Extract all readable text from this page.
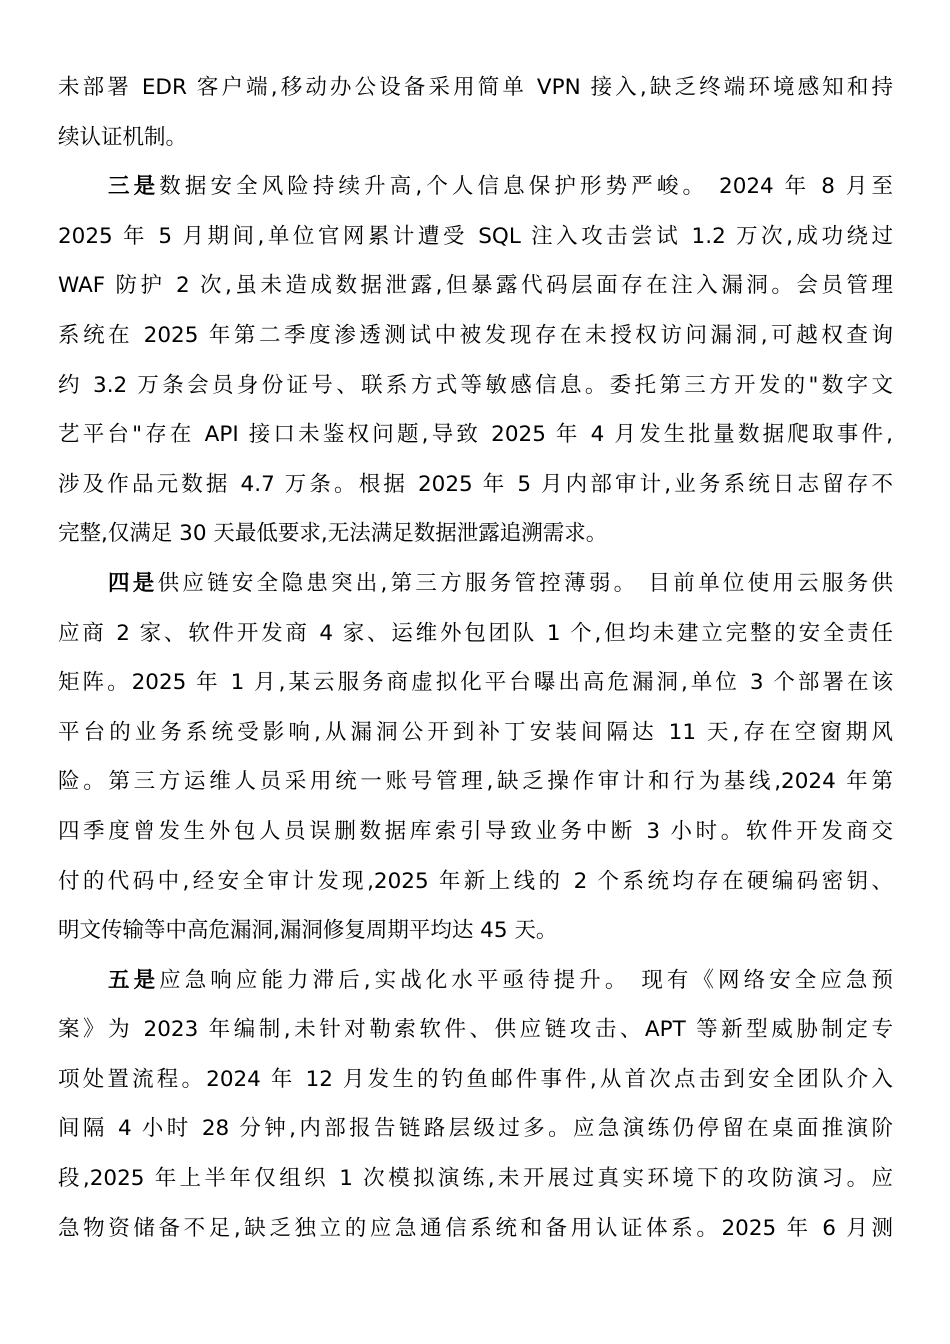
未部署 EDR 客户端,移动办公设备采用简单 VPN 接入,缺乏终端环境感知和持
续认证机制。
三是数据安全风险持续升高,个人信息保护形势严峻。 2024 年 8 月至
2025 年 5 月期间,单位官网累计遭受 SQL 注入攻击尝试 1.2 万次,成功绕过
WAF 防护 2 次,虽未造成数据泄露,但暴露代码层面存在注入漏洞。会员管理
系统在 2025 年第二季度渗透测试中被发现存在未授权访问漏洞,可越权查询
约 3.2 万条会员身份证号、联系方式等敏感信息。委托第三方开发的"数字文
艺平台"存在 API 接口未鉴权问题,导致 2025 年 4 月发生批量数据爬取事件,
涉及作品元数据 4.7 万条。根据 2025 年 5 月内部审计,业务系统日志留存不
完整,仅满足 30 天最低要求,无法满足数据泄露追溯需求。
四是供应链安全隐患突出,第三方服务管控薄弱。 目前单位使用云服务供
应商 2 家、软件开发商 4 家、运维外包团队 1 个,但均未建立完整的安全责任
矩阵。2025 年 1 月,某云服务商虚拟化平台曝出高危漏洞,单位 3 个部署在该
平台的业务系统受影响,从漏洞公开到补丁安装间隔达 11 天,存在空窗期风
险。第三方运维人员采用统一账号管理,缺乏操作审计和行为基线,2024 年第
四季度曾发生外包人员误删数据库索引导致业务中断 3 小时。软件开发商交
付的代码中,经安全审计发现,2025 年新上线的 2 个系统均存在硬编码密钥、
明文传输等中高危漏洞,漏洞修复周期平均达 45 天。
五是应急响应能力滞后,实战化水平亟待提升。 现有《网络安全应急预
案》为 2023 年编制,未针对勒索软件、供应链攻击、APT 等新型威胁制定专
项处置流程。2024 年 12 月发生的钓鱼邮件事件,从首次点击到安全团队介入
间隔 4 小时 28 分钟,内部报告链路层级过多。应急演练仍停留在桌面推演阶
段,2025 年上半年仅组织 1 次模拟演练,未开展过真实环境下的攻防演习。应
急物资储备不足,缺乏独立的应急通信系统和备用认证体系。2025 年 6 月测
